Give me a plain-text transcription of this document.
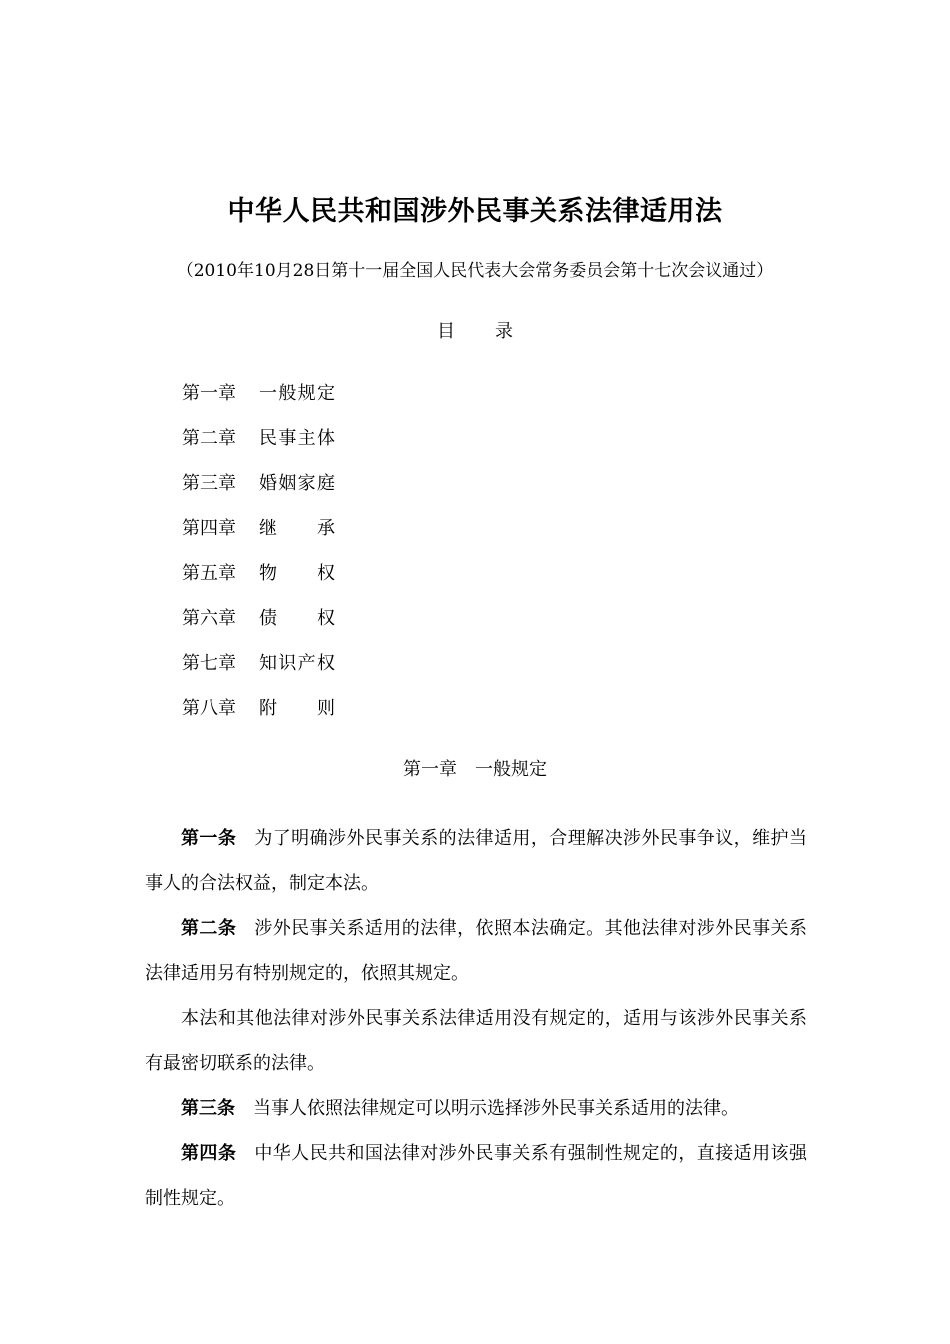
中华人民共和国涉外民事关系法律适用法
（2010年10月28日第十一届全国人民代表大会常务委员会第十七次会议通过）
目 录
第一章	一般规定
第二章	民事主体
第三章	婚姻家庭
第四章	继承
第五章	物权
第六章	债权
第七章	知识产权
第八章	附则
第一章 一般规定

第一条 为了明确涉外民事关系的法律适用，合理解决涉外民事争议，维护当事人的合法权益，制定本法。

第二条 涉外民事关系适用的法律，依照本法确定。其他法律对涉外民事关系法律适用另有特别规定的，依照其规定。

本法和其他法律对涉外民事关系法律适用没有规定的，适用与该涉外民事关系有最密切联系的法律。

第三条 当事人依照法律规定可以明示选择涉外民事关系适用的法律。

第四条 中华人民共和国法律对涉外民事关系有强制性规定的，直接适用该强制性规定。
